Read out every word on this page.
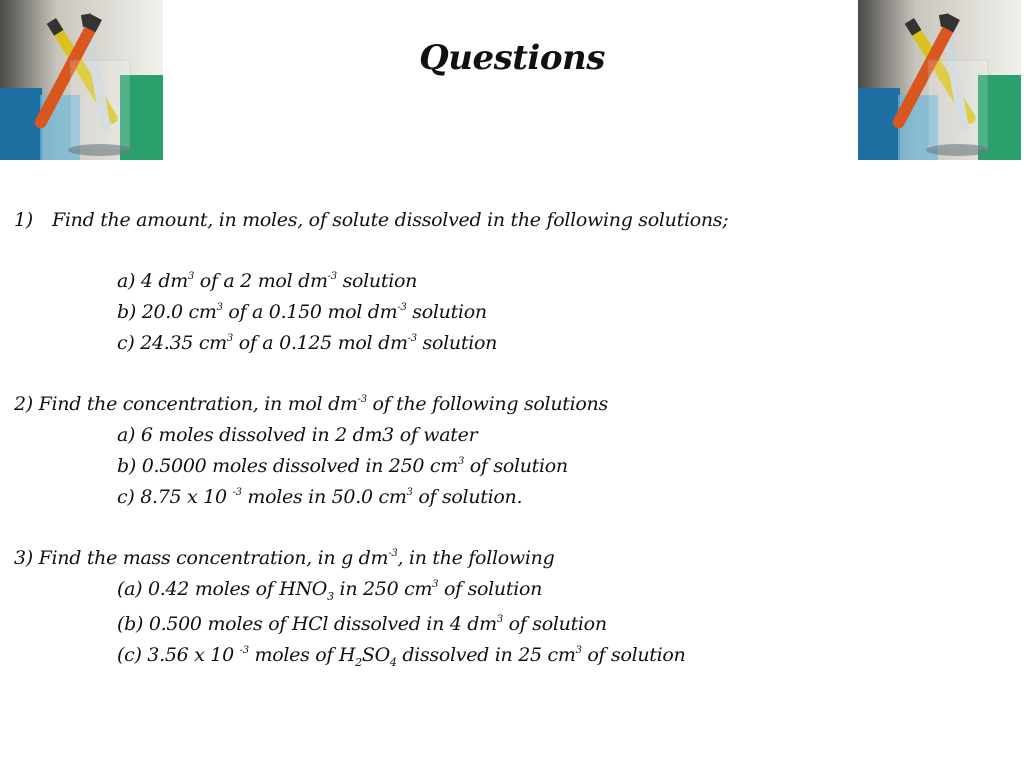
Questions
1) Find the amount, in moles, of solute dissolved in the following solutions;
a) 4 $dm^3$ of a 2 mol $dm^{-3}$ solution
b) 20.0 $cm^3$ of a 0.150 mol $dm^{-3}$ solution
c) 24.35 $cm^3$ of a 0.125 mol $dm^{-3}$ solution
2) Find the concentration, in mol $dm^{-3}$ of the following solutions
a) 6 moles dissolved in 2 dm3 of water
b) 0.5000 moles dissolved in 250 $cm^3$ of solution
c) 8.75 x 10 $^{-3}$ moles in 50.0 $cm^3$ of solution.
3) Find the mass concentration, in g $dm^{-3}$, in the following
(a) 0.42 moles of $HNO_3$ in 250 $cm^3$ of solution
(b) 0.500 moles of HCl dissolved in 4 $dm^3$ of solution
(c) 3.56 x 10 $^{-3}$ moles of $H_2SO_4$ dissolved in 25 $cm^3$ of solution
